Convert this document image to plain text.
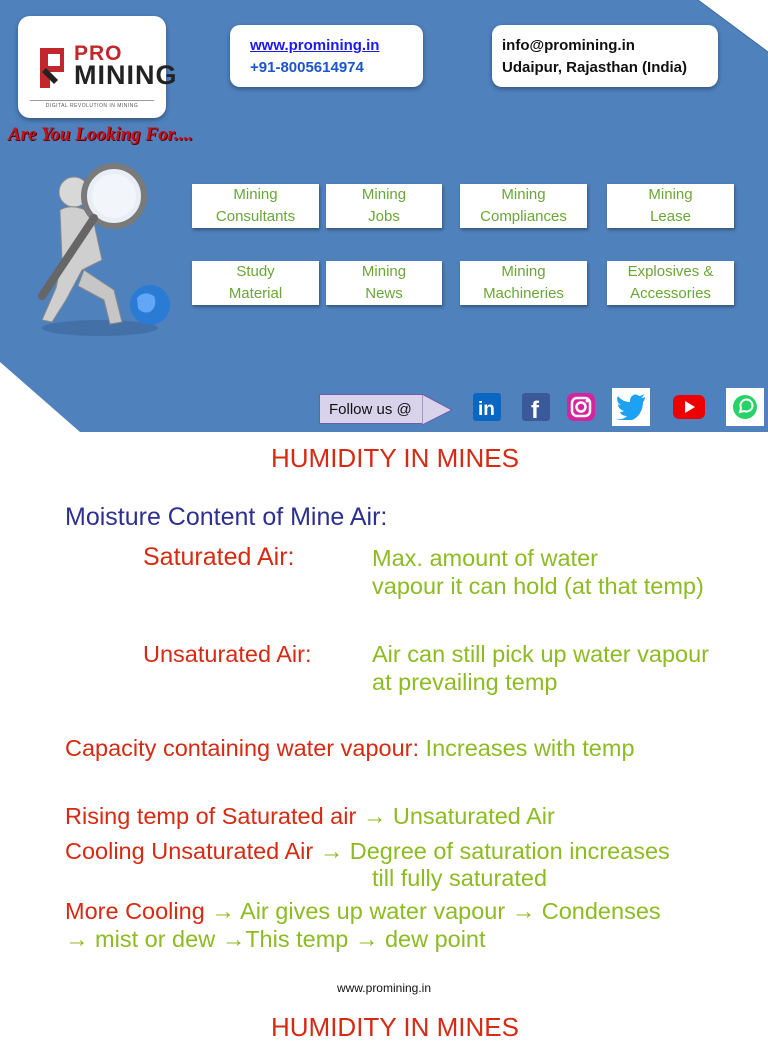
PRO
MINING
DIGITAL REVOLUTION IN MINING
www.promining.in
+91-8005614974
info@promining.in
Udaipur, Rajasthan (India)
Are You Looking For....
Mining
Consultants
Mining
Jobs
Mining
Compliances
Mining
Lease
Study
Material
Mining
News
Mining
Machineries
Explosives &
Accessories
Follow us @	in f
HUMIDITY IN MINES
Moisture Content of Mine Air:
Saturated Air:	Max. amount of water
vapour it can hold (at that temp)
Unsaturated Air:	Air can still pick up water vapour
at prevailing temp
Capacity containing water vapour: Increases with temp
Rising temp of Saturated air → Unsaturated Air
Cooling Unsaturated Air → Degree of saturation increases
till fully saturated
More Cooling → Air gives up water vapour → Condenses
→ mist or dew →This temp → dew point
www.promining.in
HUMIDITY IN MINES
